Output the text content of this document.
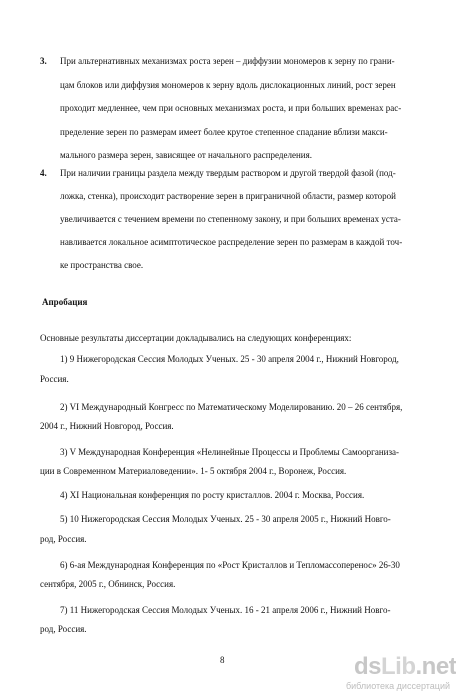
3. При альтернативных механизмах роста зерен – диффузии мономеров к зерну по грани-

цам блоков или диффузия мономеров к зерну вдоль дислокационных линий, рост зерен

проходит медленнее, чем при основных механизмах роста, и при больших временах рас-

пределение зерен по размерам имеет более крутое степенное спадание вблизи макси-

мального размера зерен, зависящее от начального распределения.

4. При наличии границы раздела между твердым раствором и другой твердой фазой (под-

ложка, стенка), происходит растворение зерен в приграничной области, размер которой

увеличивается с течением времени по степенному закону, и при больших временах уста-

навливается локальное асимптотическое распределение зерен по размерам в каждой точ-

ке пространства свое.

Апробация

Основные результаты диссертации докладывались на следующих конференциях:

1) 9 Нижегородская Сессия Молодых Ученых. 25 - 30 апреля 2004 г., Нижний Новгород,

Россия.

2) VI Международный Конгресс по Математическому Моделированию. 20 – 26 сентября,

2004 г., Нижний Новгород, Россия.

3) V Международная Конференция «Нелинейные Процессы и Проблемы Самоорганиза-

ции в Современном Материаловедении». 1- 5 октября 2004 г., Воронеж, Россия.

4) XI Национальная конференция по росту кристаллов. 2004 г. Москва, Россия.

5) 10 Нижегородская Сессия Молодых Ученых. 25 - 30 апреля 2005 г., Нижний Новго-

род, Россия.

6) 6-ая Международная Конференция по «Рост Кристаллов и Тепломассопеpенос» 26-30

сентября, 2005 г., Обнинск, Россия.

7) 11 Нижегородская Сессия Молодых Ученых. 16 - 21 апреля 2006 г., Нижний Новго-

род, Россия.

8	dsLib.net
библиотека диссертаций
